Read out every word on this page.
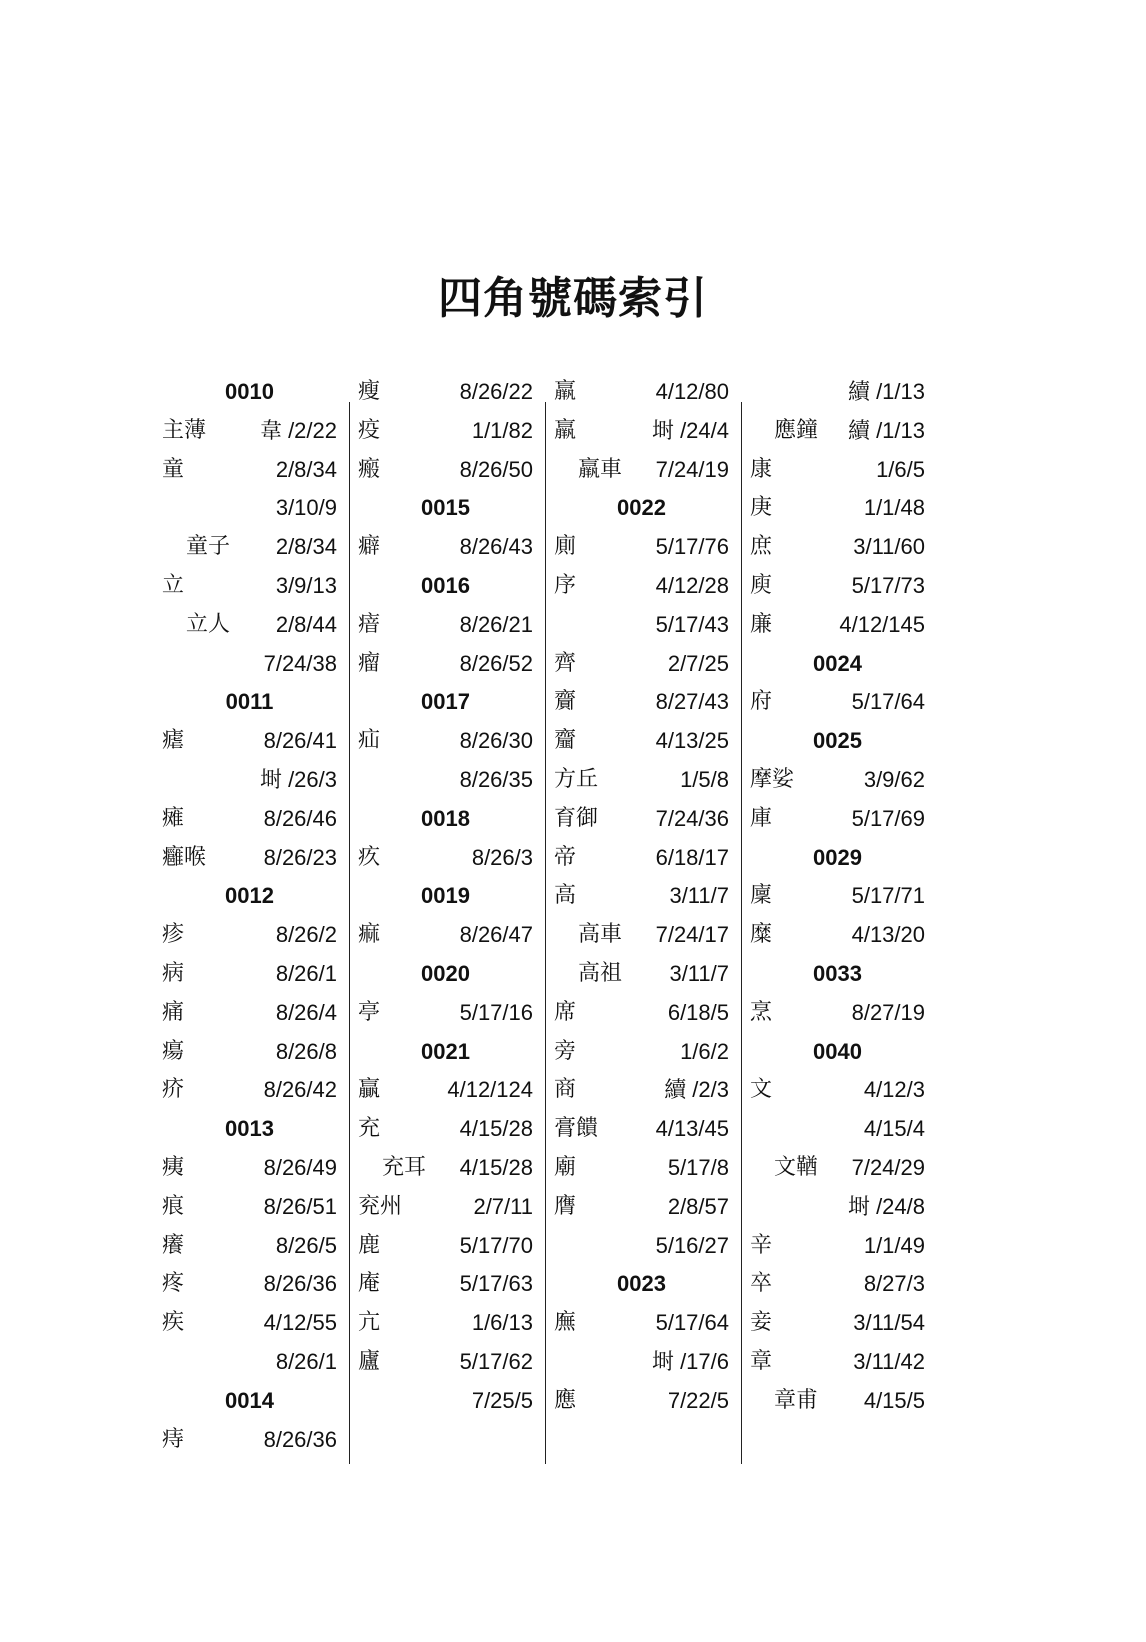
四角號碼索引
0010
主薄 韋 /2/22
童	2/8/34
3/10/9
童子 2/8/34
立	3/9/13
立人 2/8/44
7/24/38
0011
瘧	8/26/41
埘 /26/3
瘫	8/26/46
癰喉	8/26/23
0012
疹	8/26/2
病	8/26/1
痛	8/26/4
瘍	8/26/8
疥	8/26/42
0013
痍	8/26/49
痕	8/26/51
癢	8/26/5
疼	8/26/36
疾	4/12/55
8/26/1
0014
痔	8/26/36
瘦	8/26/22
疫	1/1/82
瘢	8/26/50
0015
癖	8/26/43
0016
瘖	8/26/21
瘤	8/26/52
0017
疝	8/26/30
8/26/35
0018
疚	8/26/3
0019
痲	8/26/47
0020
亭	5/17/16
0021
贏	4/12/124
充	4/15/28
充耳 4/15/28
兖州	2/7/11
鹿	5/17/70
庵	5/17/63
亢	1/6/13
廬	5/17/62
7/25/5
羸	4/12/80
羸	埘 /24/4
羸車 7/24/19
0022
廁	5/17/76
序	4/12/28
5/17/43
齊	2/7/25
齎	8/27/43
齏	4/13/25
方丘	1/5/8
育御	7/24/36
帝	6/18/17
高	3/11/7
高車 7/24/17
高祖 3/11/7
席	6/18/5
旁	1/6/2
商	續 /2/3
膏饋	4/13/45
廟	5/17/8
膺	2/8/57
5/16/27
0023
廡	5/17/64
埘 /17/6
應	7/22/5
續 /1/13
應鐘 續 /1/13
康	1/6/5
庚	1/1/48
庶	3/11/60
庾	5/17/73
廉	4/12/145
0024
府	5/17/64
0025
摩娑	3/9/62
庫	5/17/69
0029
廩	5/17/71
糜	4/13/20
0033
烹	8/27/19
0040
文	4/12/3
4/15/4
文鞧 7/24/29
埘 /24/8
辛	1/1/49
卒	8/27/3
妾	3/11/54
章	3/11/42
章甫 4/15/5
